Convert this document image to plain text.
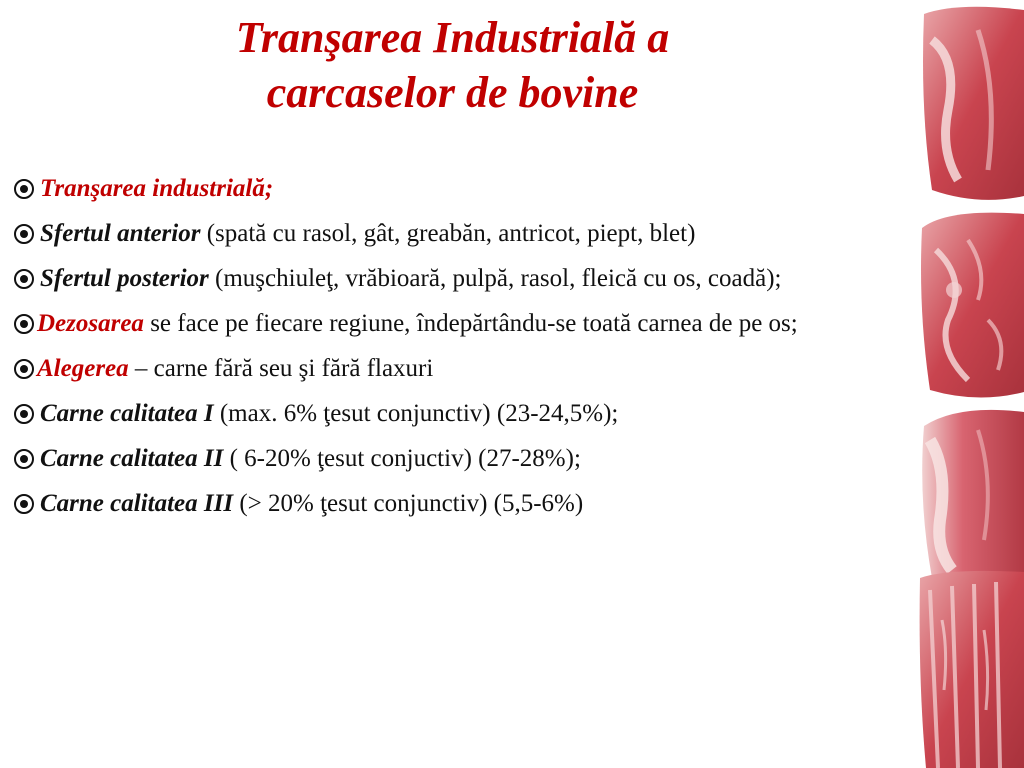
Tranşarea Industrială a
carcaselor de bovine
Tranşarea industrială;
Sfertul anterior (spată cu rasol, gât, greabăn, antricot, piept, blet)
Sfertul posterior (muşchiuleţ, vrăbioară, pulpă, rasol, fleică cu os, coadă);
Dezosarea se face pe fiecare regiune, îndepărtându-se toată carnea de pe os;
Alegerea – carne fără seu şi fără flaxuri
Carne calitatea I (max. 6% ţesut conjunctiv) (23-24,5%);
Carne calitatea II ( 6-20% ţesut conjuctiv) (27-28%);
Carne calitatea III (> 20% ţesut conjunctiv) (5,5-6%)
